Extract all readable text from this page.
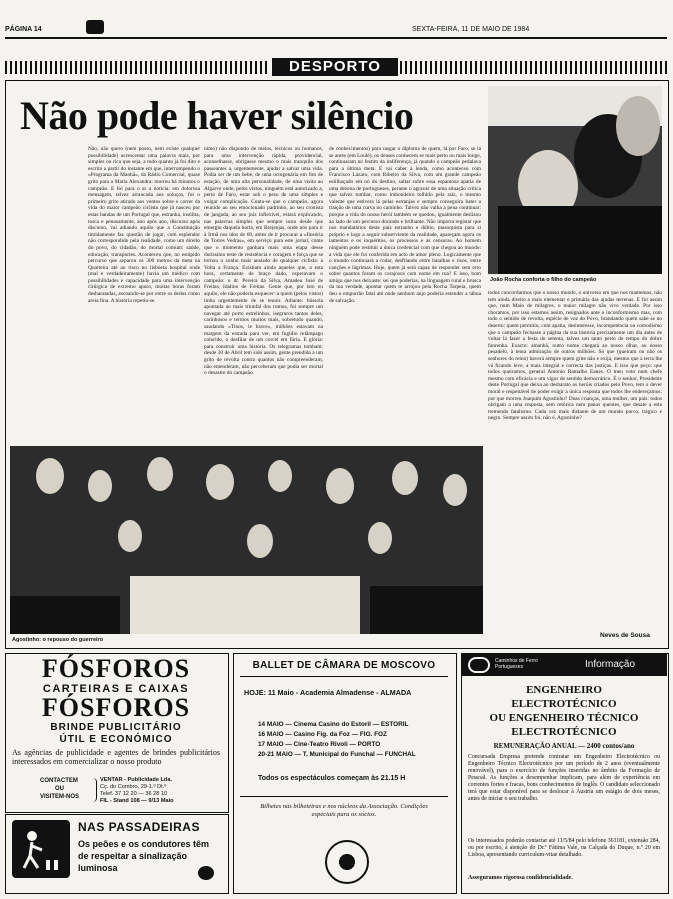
PÁGINA 14	SEXTA-FEIRA, 11 DE MAIO DE 1984
DESPORTO
Não pode haver silêncio
Não, não quero (nem posso, nem existe qualquer possibilidade) acrescentar uma palavra mais, por simples ou rica que seja, a tudo quanto já foi dito e escrito a partir do instante em que, interrompendo o «Programa da Manhã», da Rádio Comercial, quase grito para a Maria Alexandra: morreu há minutos o campeão. E foi para o ar a notícia: em dolorosa mensagem, talvez arrancada aos soluços, foi o primeiro grito atirado aos ventos sobre o correr da vida do maior campeão ciclista que já nasceu por estas bandas de um Portugal que, estranha, insólita, tosca e penosamente, ano após ano, discurso após discurso, vai adiando aquilo que a Constituição timidamente faz questão de jogar, com esplendor não correspondido pela realidade, como um direito do povo, do cidadão, do mortal comum: saúde, educação, transportes. Aconteceu que, no estúpido percurso que separou os 300 metros da meta na Quarteira até ao risco no lisboeta hospital onde (mal e verdadeiramente) havia um médico com possibilidades e capacidade para uma intervenção cirúrgica de extremo apuro, muitas horas foram desbaratadas, escoando-se por entre os dedos como areia fina. A história repetiu-se.
nimo) não dispondo de meios, técnicos ou humanos, para uma intervenção rápida, providencial, aconselhasse, obrigasse mesmo o mais tranquilo dos passeantes a, urgentemente, ajudar a salvar uma vida. Podia ser de um bebé, de uma octogenária em fim de estação, de uma alta personalidade, de uma visita ao Algarve onde, pelos vistos, ninguém está autorizado a, perto de Faro, estar sob o peso de uma simples e vulgar complicação. Conta-se que o campeão, agora reunido ao seu emocionado padrinho, ao seu cronista de jangada, ao seu juiz inflexível, estará explicando, nas palavras simples que sempre usou desde que emergiu daquela horta, em Brejenjas, onde nós para ir à Irmã nos idos de 69, antes de ir procurar a «Ilusória de Torres Vedras», em serviço para este jornal, conte que o momento ganhara mais uma etapa desse duríssimo teste de resistência e coragem e força que se tornou o sonho mais ansiado de qualquer ciclista: a Volta a França. Existiam ainda aqueles que, a esta hora, certamente de braço dado, esperavam o campeão: o dr. Pereira da Silva, Amadeu José de Freitas, Idalino de Freitas. Gente que, por isto ou aquilo, ele não poderia esquecer: a quem (pelos vistos) tinha urgentemente de se reunir. Adiante: bússola apontada ao mais triunfal dos rumos, foi sempre um navegar até porto estrelinhos, isegruros tantos deles, carinhosos e termos muitos mais, sobretudo quando, saudando «Tinos, le brave», milhões estavam na margem da estrada para ver, em fugidio relâmpago colorido, o desfilar de um corcel em fúria. E glória: para construir uma história. Os telegramas tombam: desde 30 de Abril tem sido assim, gente prendida a um grito de revolta contra quantos não compreenderam, não entenderam, não perceberam que podia ser mortal o desastre do campeão.
de conhecimentos) para rasgar o diploma de quem, lá por Faro, se lá se antes (em Loulé), os deuses conhecem se mais perto ou mais longe, continuaram no festim da indiferença, já quando o campeão pedalava para a última meta. E vai caber à lenda, como aconteceu com Francisco Lázaro, com Ribeiro da Silva, com um grande campeão estilhaçado em nó do destino, saltar sobre essa espantosa apatia de uma dezena de portugueses, perante o agravar de uma situação crítica que talvez tombar, como imbondeiro tolhido pela raiz, o mesmo valente que estivera lá pelas estranjas e sempre conseguira bater a traição de uma curva no caminho. Talvez não valha a pena continuar: porque a vida do nosso herói também se quedou, igualmente deslizou ao lado de um percurso dourado e brilhante. Não importa registar que nos mandatários deste país estranho e dúbio, masoquista para si próprio e logo a seguir subserviente da realidade, apareçam agora os lamentos e os inquéritos, os processos e as censuras. Ao homem ninguém pode restituir a única credencial com que chegou ao mundo: a vida que ele foi conferida em acto de amor pleno. Logicamente que o mundo continuará a rodar, desfilando entre batalhas e risos, entre canções e lágrimas. Hoje, quem já será capaz de responder sem erro sobre quantos foram os corajosos com nome em rua? E isso, bom amigo que nos deixaste: sei que poderias, na linguagem rural e brusca da tua verdade, apontar quem te arrojou pela Rocha Tarpeia, quem deu o empurrão fatal até onde nenhum anjo poderia estender a tábua de salvação.
João Rocha conforta o filho do campeão
todos concordarmos que o nosso mundo, o universo em que nos mantemos, não tem ainda direito a mais elementar e primária das ajudas terrenas. E foi assim que, num Maio de milagres, o maior milagre não vivo verdade. Por isso choramos, por isso estamos assim, resignados ante o inconformismo mas, com todo o sentido de revolta, espécie de voz do Povo, brandando quem sabe se no deserto: quem permitiu, com apatia, desinteresse, incompetência ou comodismo que o campeão fechasse a página da sua história precisamente um dia antes de voltar lá fazer a festa do setenta, talvez um tanto perto do tempo do dobre fanrenha. Exacto: amanhã, outro nome chegará ao nosso olhar, ao nosso pesadelo, à tenra admiração de outros milhões. Só que (queiram ou não os senhores do reino) haverá sempre quem grite não e exija, mesmo que a terra lhe vá ficando leve, a mais integral e correcta das justiças. E isso que peço: que todos queiramos, general António Ramalho Eanes. O meu voto num chefe mesmo com eficácia e um vigor de sentido democrático. É o senhor, Presidente deste Portugal que deixa ao desbarato os heróis criados pelo Povo, tem o dever moral e respeitável de poder exigir a única resposta que todos lhe endereçamos: por que morreu Joaquim Agostinho? Duas crianças, uma mulher, um país: todos obrigam a uma resposta, sem retórica nem panos quentes, que desate a este tremendo fatalismo. Cada vez mais distante de um mundo porco, trágico e negro. Sempre assim foi, não é, Agostinho?
Neves de Sousa
Agostinho: o repouso do guerreiro
FÓSFOROS
CARTEIRAS E CAIXAS
FÓSFOROS
BRINDE PUBLICITÁRIO
ÚTIL E ECONÓMICO
As agências de publicidade e agentes de brindes publicitários interessados em comercializar o nosso produto
CONTACTEM
OU
VISITEM-NOS
VENTAR - Publicidade Lda.
Cç. do Combro, 29-1.º Dt.º
Telef. 37 12 20 — 36 28 10
FIL - Stand 108 — 9/13 Maio
NAS PASSADEIRAS
Os peões e os condutores têm de respeitar a sinalização luminosa
BALLET DE CÂMARA DE MOSCOVO
HOJE: 11 Maio - Academia Almadense - ALMADA
14 MAIO — Cinema Casino do Estoril — ESTORIL
16 MAIO — Casino Fig. da Foz — FIG. FOZ
17 MAIO — Cine-Teatro Rivoli — PORTO
20-21 MAIO — T. Municipal do Funchal — FUNCHAL
Todos os espectáculos começam às 21.15 H
Bilhetes nas bilheteiras e nos núcleos da Associação. Condições especiais para os sócios.
Caminhos de Ferro Portugueses	Informação
ENGENHEIRO
ELECTROTÉCNICO
OU ENGENHEIRO TÉCNICO
ELECTROTÉCNICO
REMUNERAÇÃO ANUAL — 2400 contos/ano
Concursada Empresa pretende contratar um Engenheiro Electrotécnico ou Engenheiro Técnico Electrotécnico por um período de 2 anos (eventualmente renovável), para o exercício de funções inseridas no âmbito da Formação de Pessoal. As funções a desempenhar implicam, para além de experiência em correntes fortes e fracas, bons conhecimentos de Inglês. O candidato seleccionado terá que estar disponível para se deslocar à Áustria um estágio de dois meses, antes de iniciar o seu trabalho.
Os interessados poderão contactar até 11/5/84 pelo telefone 363181, extensão 284, ou por escrito, à atenção do Dr.º Fátima Vale, na Calçada do Duque, n.º 20 em Lisboa, apresentando curriculum-vitae detalhado.
Asseguramos rigorosa confidencialidade.
